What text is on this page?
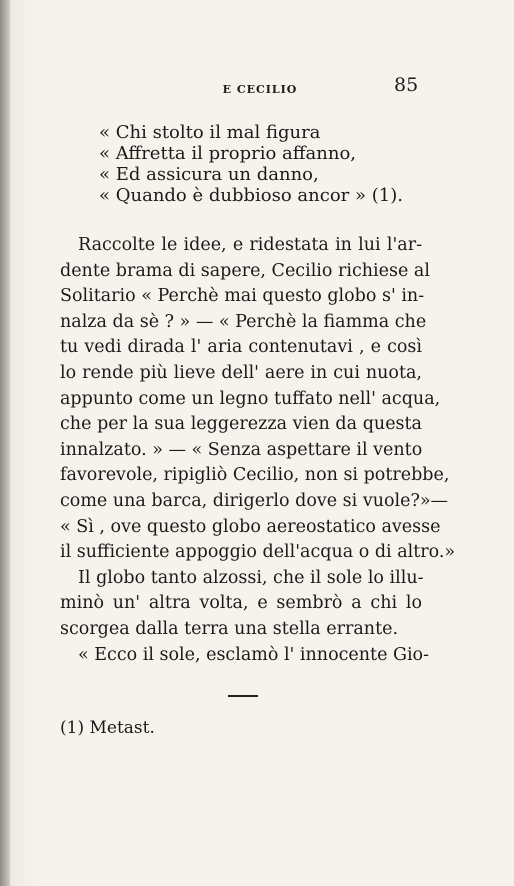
E CECILIO	85
« Chi stolto il mal figura
« Affretta il proprio affanno,
« Ed assicura un danno,
« Quando è dubbioso ancor » (1).
Raccolte le idee, e ridestata in lui l'ar-
dente brama di sapere, Cecilio richiese al
Solitario « Perchè mai questo globo s' in-
nalza da sè ? » — « Perchè la fiamma che
tu vedi dirada l' aria contenutavi , e così
lo rende più lieve dell' aere in cui nuota,
appunto come un legno tuffato nell' acqua,
che per la sua leggerezza vien da questa
innalzato. » — « Senza aspettare il vento
favorevole, ripigliò Cecilio, non si potrebbe,
come una barca, dirigerlo dove si vuole?»—
« Sì , ove questo globo aereostatico avesse
il sufficiente appoggio dell'acqua o di altro.»
Il globo tanto alzossi, che il sole lo illu-
minò un' altra volta, e sembrò a chi lo
scorgea dalla terra una stella errante.
« Ecco il sole, esclamò l' innocente Gio-
(1) Metast.
